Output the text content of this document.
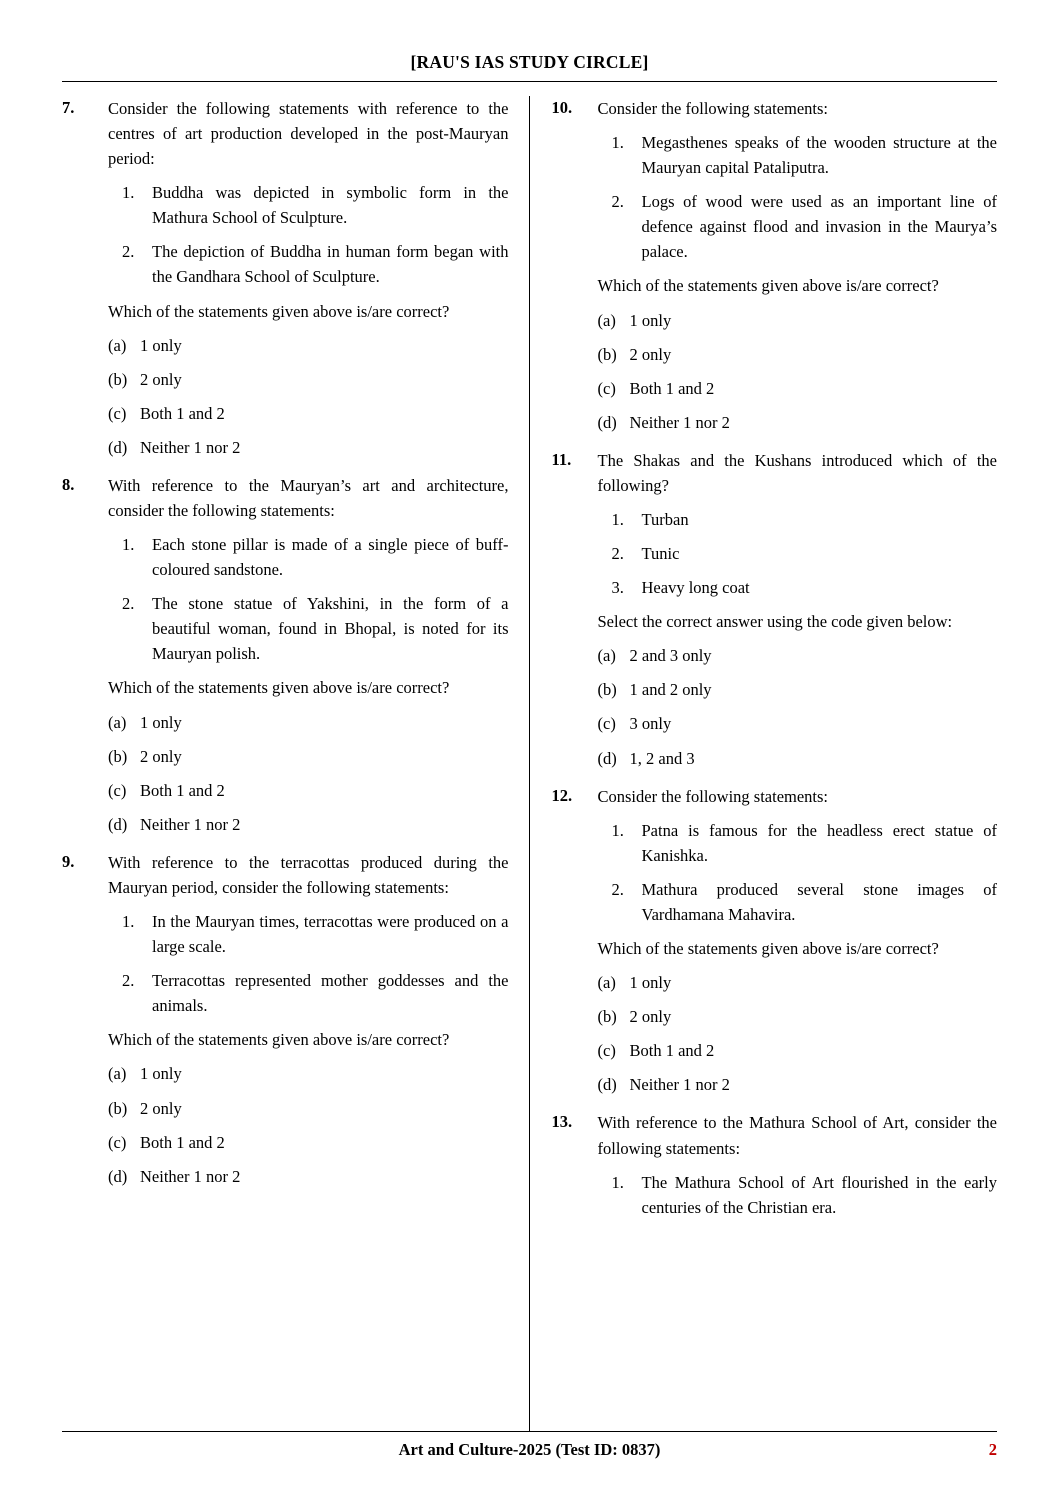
[RAU'S IAS STUDY CIRCLE]
7.	Consider the following statements with reference to the centres of art production developed in the post-Mauryan period:

1.	Buddha was depicted in symbolic form in the Mathura School of Sculpture.
2.	The depiction of Buddha in human form began with the Gandhara School of Sculpture.

Which of the statements given above is/are correct?

(a) 1 only
(b) 2 only
(c) Both 1 and 2
(d) Neither 1 nor 2
8.	With reference to the Mauryan’s art and architecture, consider the following statements:

1.	Each stone pillar is made of a single piece of buff-coloured sandstone.
2.	The stone statue of Yakshini, in the form of a beautiful woman, found in Bhopal, is noted for its Mauryan polish.

Which of the statements given above is/are correct?

(a) 1 only
(b) 2 only
(c) Both 1 and 2
(d) Neither 1 nor 2
9.	With reference to the terracottas produced during the Mauryan period, consider the following statements:

1.	In the Mauryan times, terracottas were produced on a large scale.
2.	Terracottas represented mother goddesses and the animals.

Which of the statements given above is/are correct?

(a) 1 only
(b) 2 only
(c) Both 1 and 2
(d) Neither 1 nor 2
10.	Consider the following statements:

1.	Megasthenes speaks of the wooden structure at the Mauryan capital Pataliputra.
2.	Logs of wood were used as an important line of defence against flood and invasion in the Maurya’s palace.

Which of the statements given above is/are correct?

(a) 1 only
(b) 2 only
(c) Both 1 and 2
(d) Neither 1 nor 2
11.	The Shakas and the Kushans introduced which of the following?

1.	Turban
2.	Tunic
3.	Heavy long coat

Select the correct answer using the code given below:

(a) 2 and 3 only
(b) 1 and 2 only
(c) 3 only
(d) 1, 2 and 3
12.	Consider the following statements:

1.	Patna is famous for the headless erect statue of Kanishka.
2.	Mathura produced several stone images of Vardhamana Mahavira.

Which of the statements given above is/are correct?

(a) 1 only
(b) 2 only
(c) Both 1 and 2
(d) Neither 1 nor 2
13.	With reference to the Mathura School of Art, consider the following statements:

1.	The Mathura School of Art flourished in the early centuries of the Christian era.
Art and Culture-2025 (Test ID: 0837)	2
